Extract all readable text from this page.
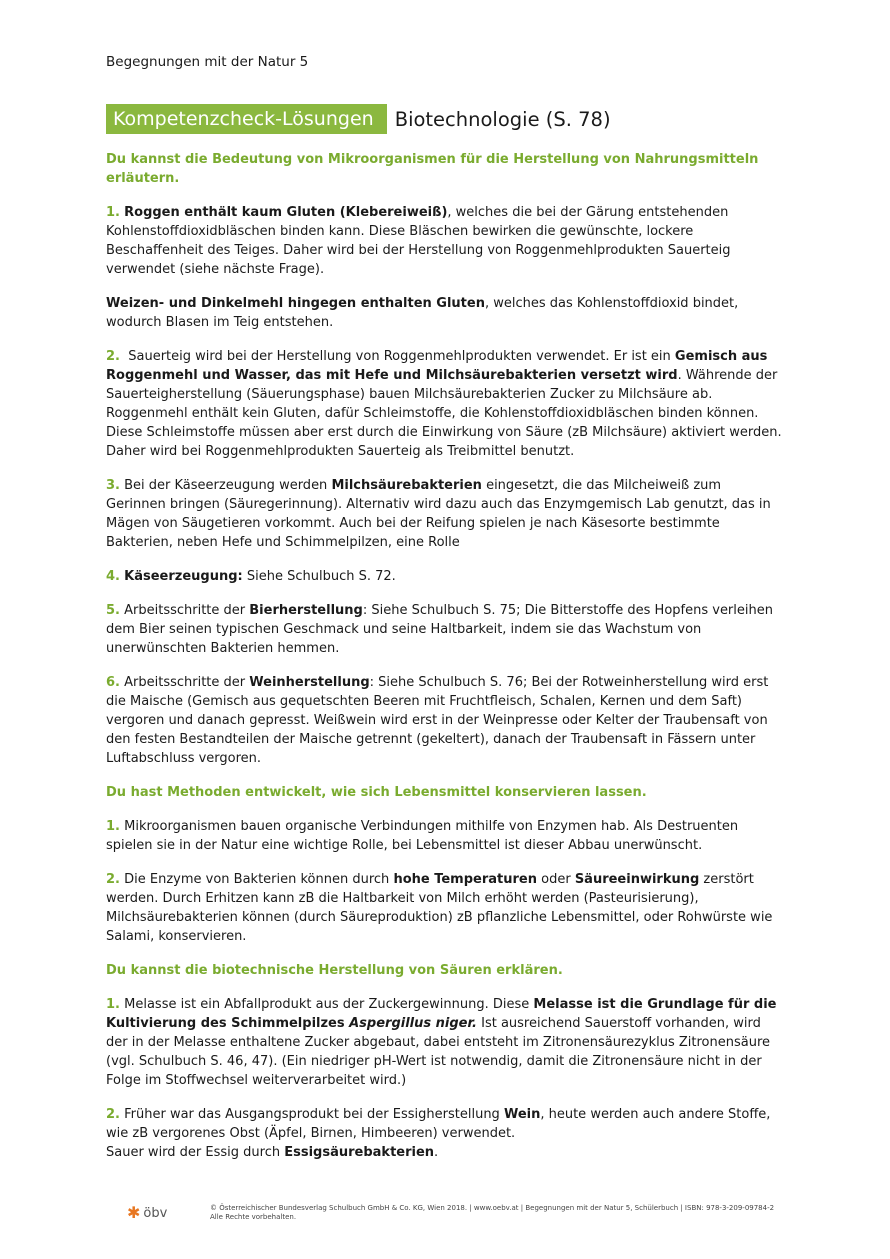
Begegnungen mit der Natur 5
Kompetenzcheck-Lösungen	Biotechnologie (S. 78)

Du kannst die Bedeutung von Mikroorganismen für die Herstellung von Nahrungsmitteln erläutern.

1. Roggen enthält kaum Gluten (Klebereiweiß), welches die bei der Gärung entstehenden Kohlenstoffdioxidbläschen binden kann. Diese Bläschen bewirken die gewünschte, lockere Beschaffenheit des Teiges. Daher wird bei der Herstellung von Roggenmehlprodukten Sauerteig verwendet (siehe nächste Frage).

Weizen- und Dinkelmehl hingegen enthalten Gluten, welches das Kohlenstoffdioxid bindet, wodurch Blasen im Teig entstehen.

2. Sauerteig wird bei der Herstellung von Roggenmehlprodukten verwendet. Er ist ein Gemisch aus Roggenmehl und Wasser, das mit Hefe und Milchsäurebakterien versetzt wird. Währende der Sauerteigherstellung (Säuerungsphase) bauen Milchsäurebakterien Zucker zu Milchsäure ab. Roggenmehl enthält kein Gluten, dafür Schleimstoffe, die Kohlenstoffdioxidbläschen binden können. Diese Schleimstoffe müssen aber erst durch die Einwirkung von Säure (zB Milchsäure) aktiviert werden. Daher wird bei Roggenmehlprodukten Sauerteig als Treibmittel benutzt.

3. Bei der Käseerzeugung werden Milchsäurebakterien eingesetzt, die das Milcheiweiß zum Gerinnen bringen (Säuregerinnung). Alternativ wird dazu auch das Enzymgemisch Lab genutzt, das in Mägen von Säugetieren vorkommt. Auch bei der Reifung spielen je nach Käsesorte bestimmte Bakterien, neben Hefe und Schimmelpilzen, eine Rolle

4. Käseerzeugung: Siehe Schulbuch S. 72.

5. Arbeitsschritte der Bierherstellung: Siehe Schulbuch S. 75; Die Bitterstoffe des Hopfens verleihen dem Bier seinen typischen Geschmack und seine Haltbarkeit, indem sie das Wachstum von unerwünschten Bakterien hemmen.

6. Arbeitsschritte der Weinherstellung: Siehe Schulbuch S. 76; Bei der Rotweinherstellung wird erst die Maische (Gemisch aus gequetschten Beeren mit Fruchtfleisch, Schalen, Kernen und dem Saft) vergoren und danach gepresst. Weißwein wird erst in der Weinpresse oder Kelter der Traubensaft von den festen Bestandteilen der Maische getrennt (gekeltert), danach der Traubensaft in Fässern unter Luftabschluss vergoren.

Du hast Methoden entwickelt, wie sich Lebensmittel konservieren lassen.

1. Mikroorganismen bauen organische Verbindungen mithilfe von Enzymen hab. Als Destruenten spielen sie in der Natur eine wichtige Rolle, bei Lebensmittel ist dieser Abbau unerwünscht.

2. Die Enzyme von Bakterien können durch hohe Temperaturen oder Säureeinwirkung zerstört werden. Durch Erhitzen kann zB die Haltbarkeit von Milch erhöht werden (Pasteurisierung), Milchsäurebakterien können (durch Säureproduktion) zB pflanzliche Lebensmittel, oder Rohwürste wie Salami, konservieren.

Du kannst die biotechnische Herstellung von Säuren erklären.

1. Melasse ist ein Abfallprodukt aus der Zuckergewinnung. Diese Melasse ist die Grundlage für die Kultivierung des Schimmelpilzes Aspergillus niger. Ist ausreichend Sauerstoff vorhanden, wird der in der Melasse enthaltene Zucker abgebaut, dabei entsteht im Zitronensäurezyklus Zitronensäure (vgl. Schulbuch S. 46, 47). (Ein niedriger pH-Wert ist notwendig, damit die Zitronensäure nicht in der Folge im Stoffwechsel weiterverarbeitet wird.)

2. Früher war das Ausgangsprodukt bei der Essigherstellung Wein, heute werden auch andere Stoffe, wie zB vergorenes Obst (Äpfel, Birnen, Himbeeren) verwendet.
Sauer wird der Essig durch Essigsäurebakterien.

✱ öbv	© Österreichischer Bundesverlag Schulbuch GmbH & Co. KG, Wien 2018. | www.oebv.at | Begegnungen mit der Natur 5, Schülerbuch | ISBN: 978-3-209-09784-2
Alle Rechte vorbehalten.
